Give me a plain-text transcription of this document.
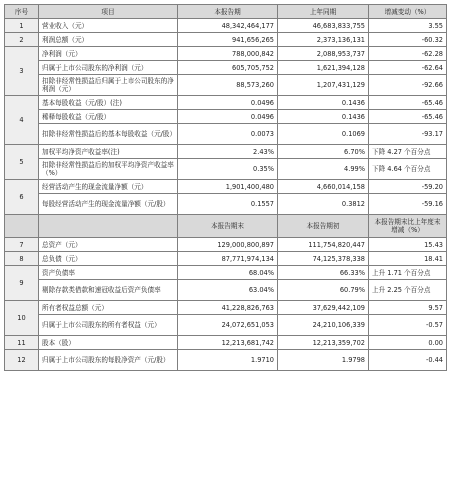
序号	项目	本报告期	上年同期	增减变动（%）
1	营业收入（元）	48,342,464,177	46,683,833,755	3.55
2	利润总额（元）	941,656,265	2,373,136,131	-60.32
3	净利润（元）	788,000,842	2,088,953,737	-62.28
	归属于上市公司股东的净利润（元）	605,705,752	1,621,394,128	-62.64
	扣除非经常性损益后归属于上市公司股东的净利润（元）	88,573,260	1,207,431,129	-92.66
4	基本每股收益（元/股）(注)	0.0496	0.1436	-65.46
	稀释每股收益（元/股）	0.0496	0.1436	-65.46
	扣除非经常性损益后的基本每股收益（元/股）	0.0073	0.1069	-93.17
5	加权平均净资产收益率(注)	2.43%	6.70%	下降 4.27 个百分点
	扣除非经常性损益后的加权平均净资产收益率（%）	0.35%	4.99%	下降 4.64 个百分点
6	经营活动产生的现金流量净额（元）	1,901,400,480	4,660,014,158	-59.20
	每股经营活动产生的现金流量净额（元/股）	0.1557	0.3812	-59.16
		本报告期末	本报告期初	本报告期末比上年度末增减（%）
7	总资产（元）	129,000,800,897	111,754,820,447	15.43
8	总负债（元）	87,771,974,134	74,125,378,338	18.41
9	资产负债率	68.04%	66.33%	上升 1.71 个百分点
	剔除存款类借款和速冠收益后资产负债率	63.04%	60.79%	上升 2.25 个百分点
10	所有者权益总额（元）	41,228,826,763	37,629,442,109	9.57
	归属于上市公司股东的所有者权益（元）	24,072,651,053	24,210,106,339	-0.57
11	股本（股）	12,213,681,742	12,213,359,702	0.00
12	归属于上市公司股东的每股净资产（元/股）	1.9710	1.9798	-0.44
